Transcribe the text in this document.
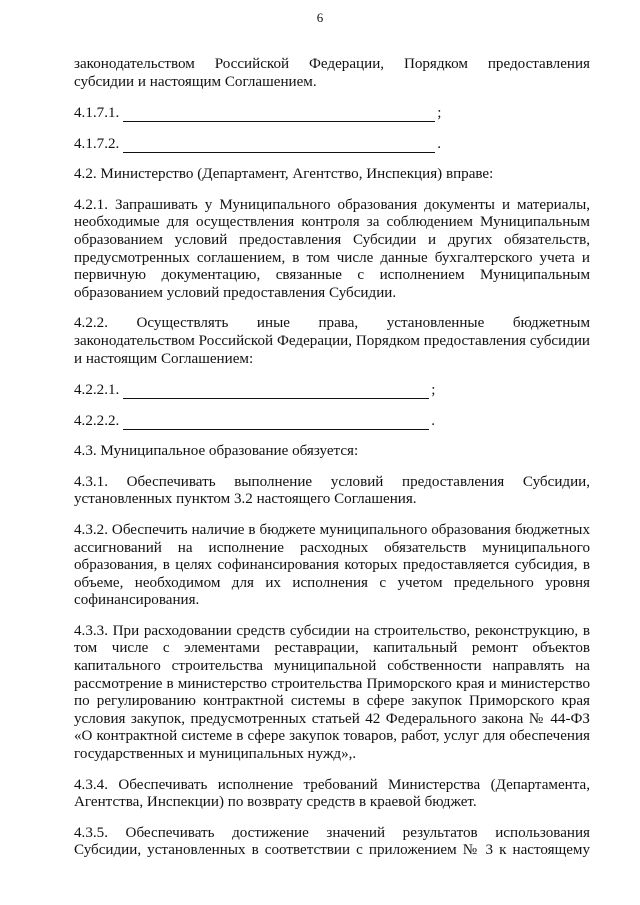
6

законодательством Российской Федерации, Порядком предоставления

субсидии и настоящим Соглашением.

4.1.7.1.	;
4.1.7.2.	.

4.2. Министерство (Департамент, Агентство, Инспекция) вправе:

4.2.1. Запрашивать у Муниципального образования документы и материалы, необходимые для осуществления контроля за соблюдением Муниципальным образованием условий предоставления Субсидии и других обязательств, предусмотренных соглашением, в том числе данные бухгалтерского учета и первичную документацию, связанные с исполнением Муниципальным образованием условий предоставления Субсидии.

4.2.2. Осуществлять иные права, установленные бюджетным законодательством Российской Федерации, Порядком предоставления субсидии и настоящим Соглашением:

4.2.2.1.	;
4.2.2.2.	.

4.3. Муниципальное образование обязуется:

4.3.1. Обеспечивать выполнение условий предоставления Субсидии, установленных пунктом 3.2 настоящего Соглашения.

4.3.2. Обеспечить наличие в бюджете муниципального образования бюджетных ассигнований на исполнение расходных обязательств муниципального образования, в целях софинансирования которых предоставляется субсидия, в объеме, необходимом для их исполнения с учетом предельного уровня софинансирования.

4.3.3. При расходовании средств субсидии на строительство, реконструкцию, в том числе с элементами реставрации, капитальный ремонт объектов капитального строительства муниципальной собственности направлять на рассмотрение в министерство строительства Приморского края и министерство по регулированию контрактной системы в сфере закупок Приморского края условия закупок, предусмотренных статьей 42 Федерального закона № 44-ФЗ «О контрактной системе в сфере закупок товаров, работ, услуг для обеспечения государственных и муниципальных нужд»,.

4.3.4. Обеспечивать исполнение требований Министерства (Департамента, Агентства, Инспекции) по возврату средств в краевой бюджет.

4.3.5. Обеспечивать достижение значений результатов использования Субсидии, установленных в соответствии с приложением № 3 к настоящему
